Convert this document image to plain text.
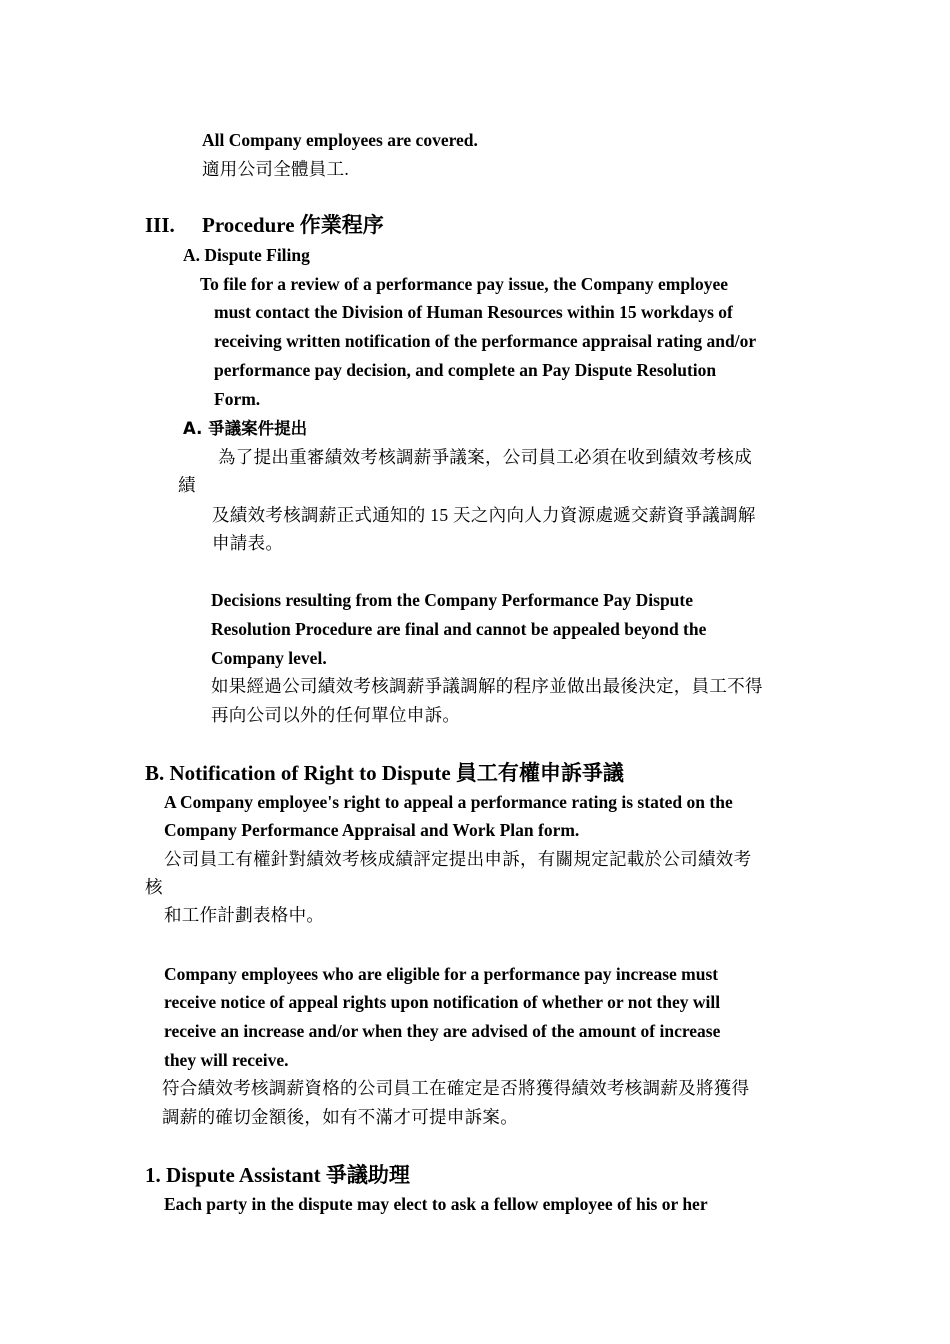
All Company employees are covered.
適用公司全體員工.
III. Procedure 作業程序
A. Dispute Filing
To file for a review of a performance pay issue, the Company employee
must contact the Division of Human Resources within 15 workdays of
receiving written notification of the performance appraisal rating and/or
performance pay decision, and complete an Pay Dispute Resolution
Form.
A. 爭議案件提出
為了提出重審績效考核調薪爭議案，公司員工必須在收到績效考核成
績
及績效考核調薪正式通知的 15 天之內向人力資源處遞交薪資爭議調解
申請表。
Decisions resulting from the Company Performance Pay Dispute
Resolution Procedure are final and cannot be appealed beyond the
Company level.
如果經過公司績效考核調薪爭議調解的程序並做出最後決定，員工不得
再向公司以外的任何單位申訴。
B. Notification of Right to Dispute 員工有權申訴爭議
A Company employee's right to appeal a performance rating is stated on the
Company Performance Appraisal and Work Plan form.
公司員工有權針對績效考核成績評定提出申訴，有關規定記載於公司績效考
核
和工作計劃表格中。
Company employees who are eligible for a performance pay increase must
receive notice of appeal rights upon notification of whether or not they will
receive an increase and/or when they are advised of the amount of increase
they will receive.
符合績效考核調薪資格的公司員工在確定是否將獲得績效考核調薪及將獲得
調薪的確切金額後，如有不滿才可提申訴案。
1. Dispute Assistant 爭議助理
Each party in the dispute may elect to ask a fellow employee of his or her
